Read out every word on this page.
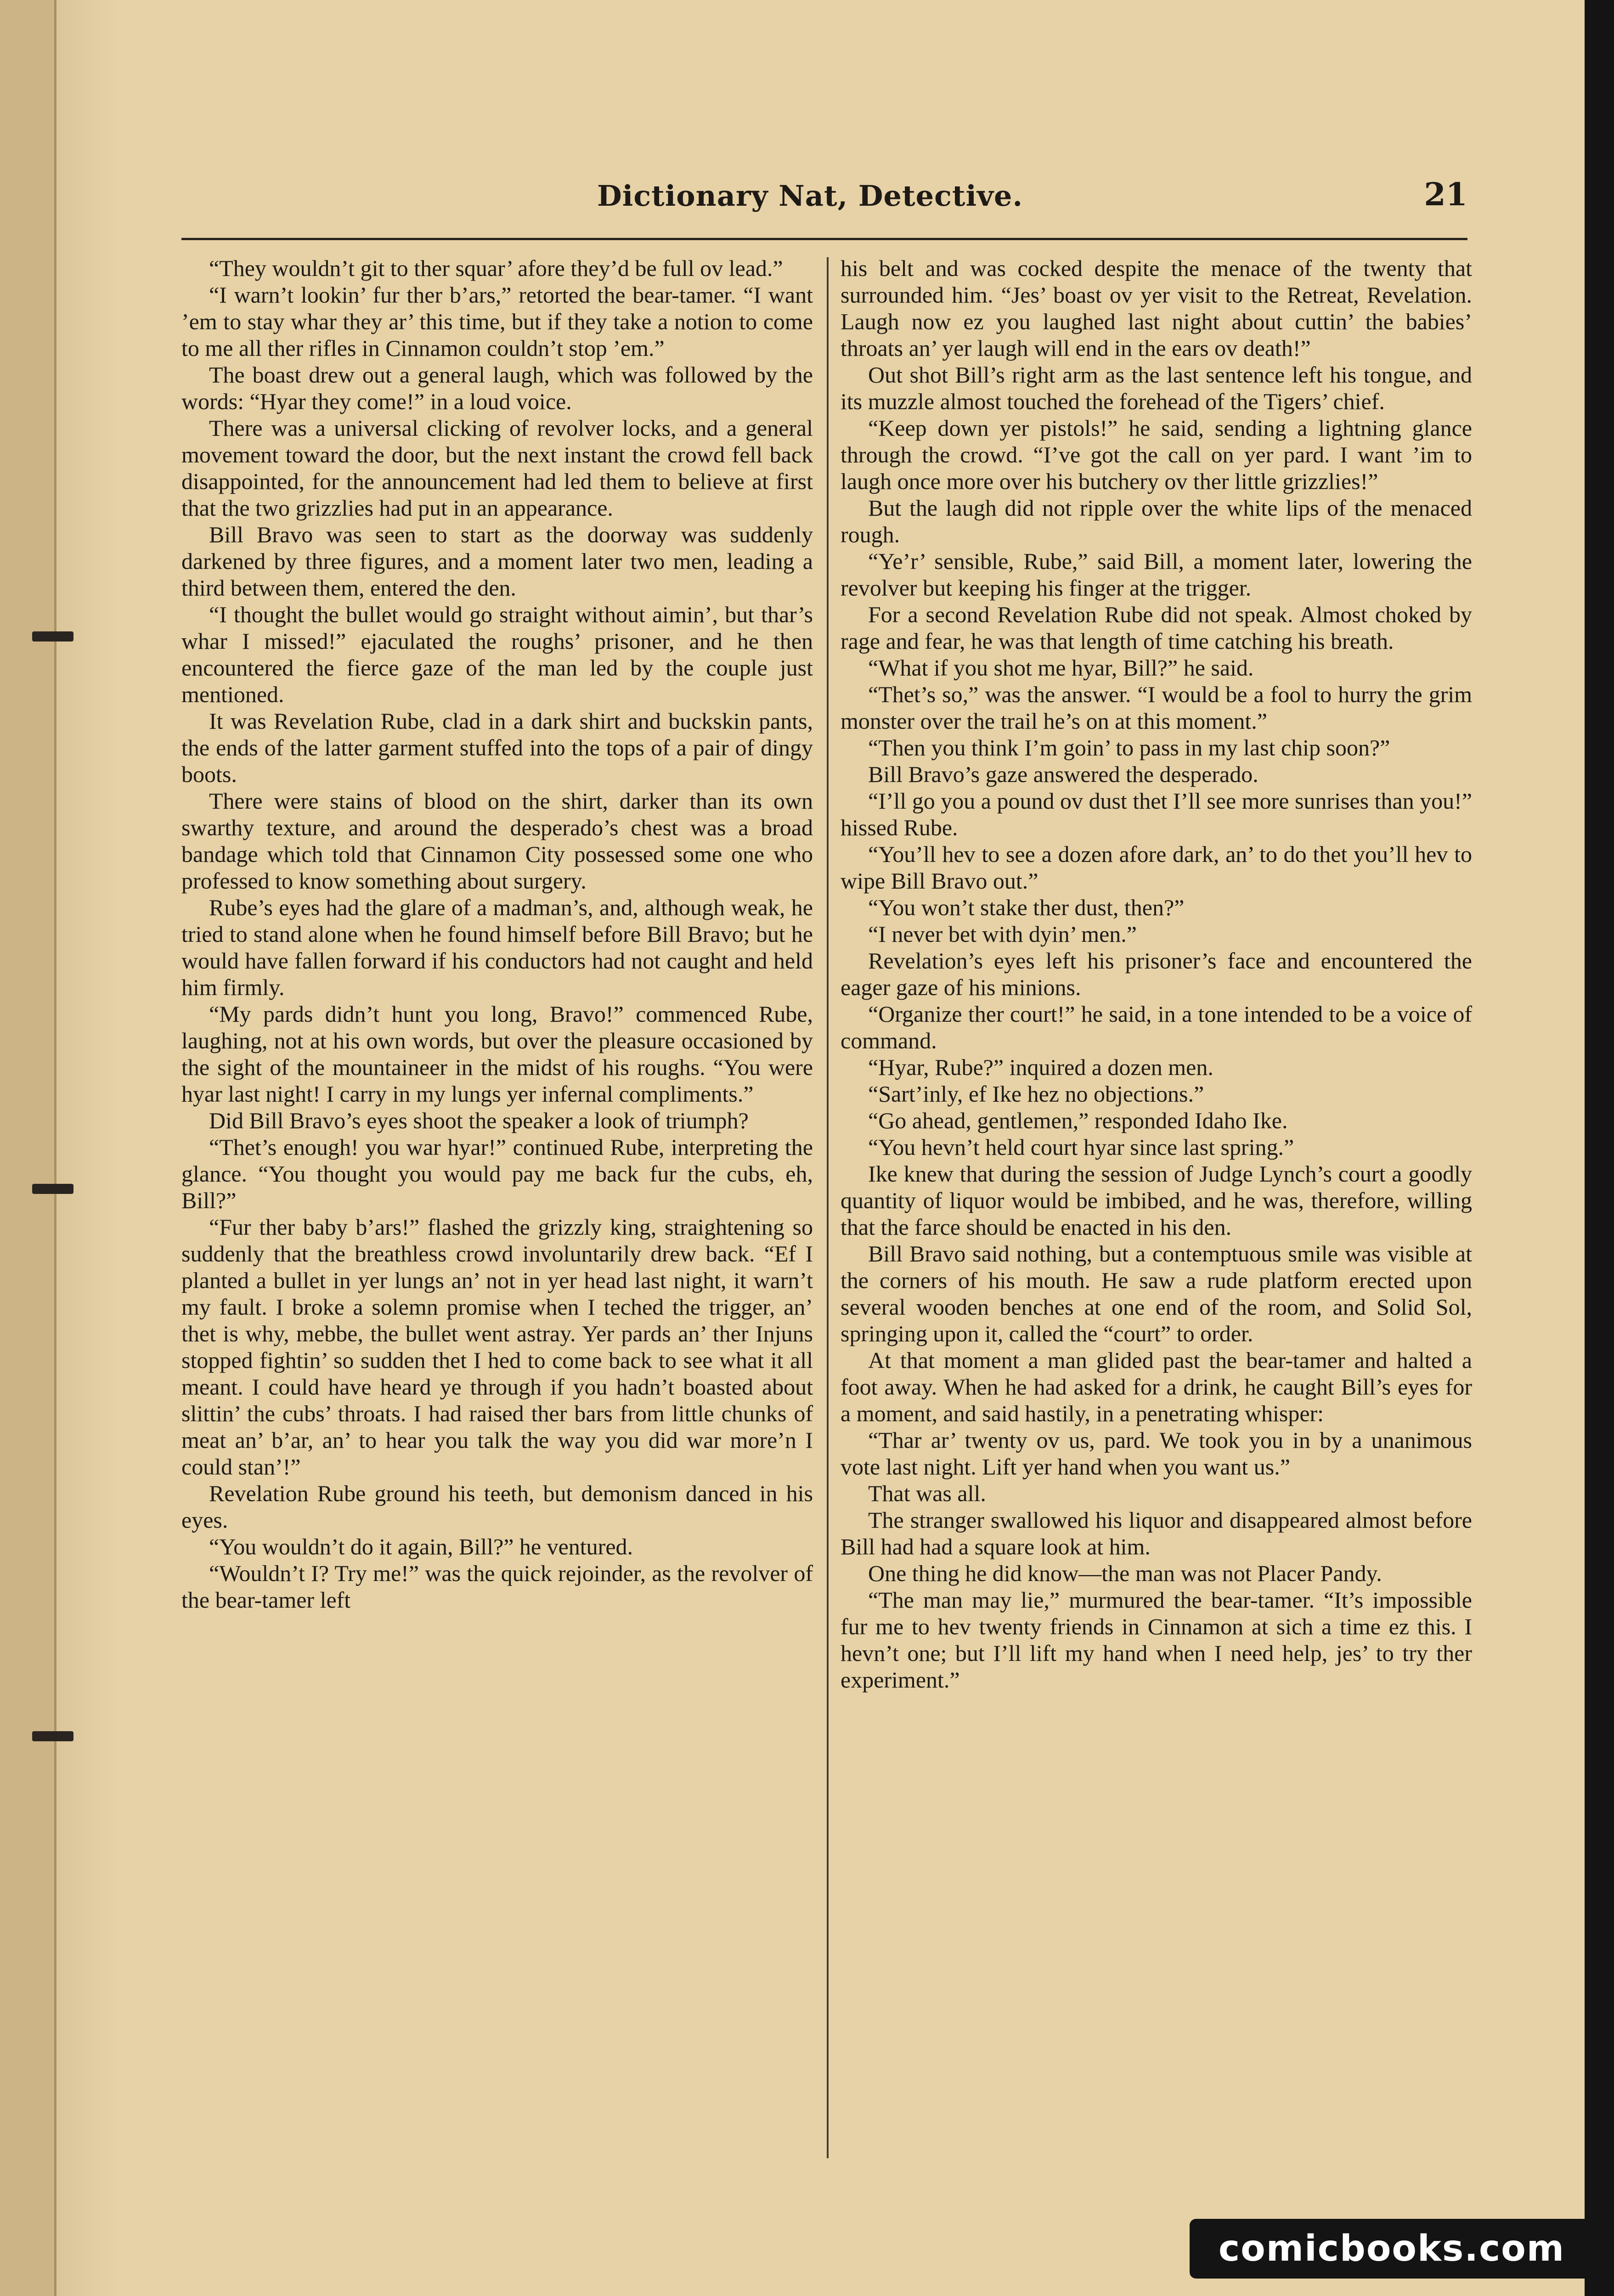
Dictionary Nat, Detective.	21

“They wouldn’t git to ther squar’ afore they’d be full ov lead.”

“I warn’t lookin’ fur ther b’ars,” retorted the bear-tamer. “I want ’em to stay whar they ar’ this time, but if they take a notion to come to me all ther rifles in Cinnamon couldn’t stop ’em.”

The boast drew out a general laugh, which was followed by the words: “Hyar they come!” in a loud voice.

There was a universal clicking of revolver locks, and a general movement toward the door, but the next instant the crowd fell back disappointed, for the announcement had led them to believe at first that the two grizzlies had put in an appearance.

Bill Bravo was seen to start as the doorway was suddenly darkened by three figures, and a moment later two men, leading a third between them, entered the den.

“I thought the bullet would go straight without aimin’, but thar’s whar I missed!” ejaculated the roughs’ prisoner, and he then encountered the fierce gaze of the man led by the couple just mentioned.

It was Revelation Rube, clad in a dark shirt and buckskin pants, the ends of the latter garment stuffed into the tops of a pair of dingy boots.

There were stains of blood on the shirt, darker than its own swarthy texture, and around the desperado’s chest was a broad bandage which told that Cinnamon City possessed some one who professed to know something about surgery.

Rube’s eyes had the glare of a madman’s, and, although weak, he tried to stand alone when he found himself before Bill Bravo; but he would have fallen forward if his conductors had not caught and held him firmly.

“My pards didn’t hunt you long, Bravo!” commenced Rube, laughing, not at his own words, but over the pleasure occasioned by the sight of the mountaineer in the midst of his roughs. “You were hyar last night! I carry in my lungs yer infernal compliments.”

Did Bill Bravo’s eyes shoot the speaker a look of triumph?

“Thet’s enough! you war hyar!” continued Rube, interpreting the glance. “You thought you would pay me back fur the cubs, eh, Bill?”

“Fur ther baby b’ars!” flashed the grizzly king, straightening so suddenly that the breathless crowd involuntarily drew back. “Ef I planted a bullet in yer lungs an’ not in yer head last night, it warn’t my fault. I broke a solemn promise when I teched the trigger, an’ thet is why, mebbe, the bullet went astray. Yer pards an’ ther Injuns stopped fightin’ so sudden thet I hed to come back to see what it all meant. I could have heard ye through if you hadn’t boasted about slittin’ the cubs’ throats. I had raised ther bars from little chunks of meat an’ b’ar, an’ to hear you talk the way you did war more’n I could stan’!”

Revelation Rube ground his teeth, but demonism danced in his eyes.

“You wouldn’t do it again, Bill?” he ventured.

“Wouldn’t I? Try me!” was the quick rejoinder, as the revolver of the bear-tamer left

his belt and was cocked despite the menace of the twenty that surrounded him. “Jes’ boast ov yer visit to the Retreat, Revelation. Laugh now ez you laughed last night about cuttin’ the babies’ throats an’ yer laugh will end in the ears ov death!”

Out shot Bill’s right arm as the last sentence left his tongue, and its muzzle almost touched the forehead of the Tigers’ chief.

“Keep down yer pistols!” he said, sending a lightning glance through the crowd. “I’ve got the call on yer pard. I want ’im to laugh once more over his butchery ov ther little grizzlies!”

But the laugh did not ripple over the white lips of the menaced rough.

“Ye’r’ sensible, Rube,” said Bill, a moment later, lowering the revolver but keeping his finger at the trigger.

For a second Revelation Rube did not speak. Almost choked by rage and fear, he was that length of time catching his breath.

“What if you shot me hyar, Bill?” he said.

“Thet’s so,” was the answer. “I would be a fool to hurry the grim monster over the trail he’s on at this moment.”

“Then you think I’m goin’ to pass in my last chip soon?”

Bill Bravo’s gaze answered the desperado.

“I’ll go you a pound ov dust thet I’ll see more sunrises than you!” hissed Rube.

“You’ll hev to see a dozen afore dark, an’ to do thet you’ll hev to wipe Bill Bravo out.”

“You won’t stake ther dust, then?”

“I never bet with dyin’ men.”

Revelation’s eyes left his prisoner’s face and encountered the eager gaze of his minions.

“Organize ther court!” he said, in a tone intended to be a voice of command.

“Hyar, Rube?” inquired a dozen men.

“Sart’inly, ef Ike hez no objections.”

“Go ahead, gentlemen,” responded Idaho Ike.

“You hevn’t held court hyar since last spring.”

Ike knew that during the session of Judge Lynch’s court a goodly quantity of liquor would be imbibed, and he was, therefore, willing that the farce should be enacted in his den.

Bill Bravo said nothing, but a contemptuous smile was visible at the corners of his mouth. He saw a rude platform erected upon several wooden benches at one end of the room, and Solid Sol, springing upon it, called the “court” to order.

At that moment a man glided past the bear-tamer and halted a foot away. When he had asked for a drink, he caught Bill’s eyes for a moment, and said hastily, in a penetrating whisper:

“Thar ar’ twenty ov us, pard. We took you in by a unanimous vote last night. Lift yer hand when you want us.”

That was all.

The stranger swallowed his liquor and disappeared almost before Bill had had a square look at him.

One thing he did know—the man was not Placer Pandy.

“The man may lie,” murmured the bear-tamer. “It’s impossible fur me to hev twenty friends in Cinnamon at sich a time ez this. I hevn’t one; but I’ll lift my hand when I need help, jes’ to try ther experiment.”

comicbooks.com
